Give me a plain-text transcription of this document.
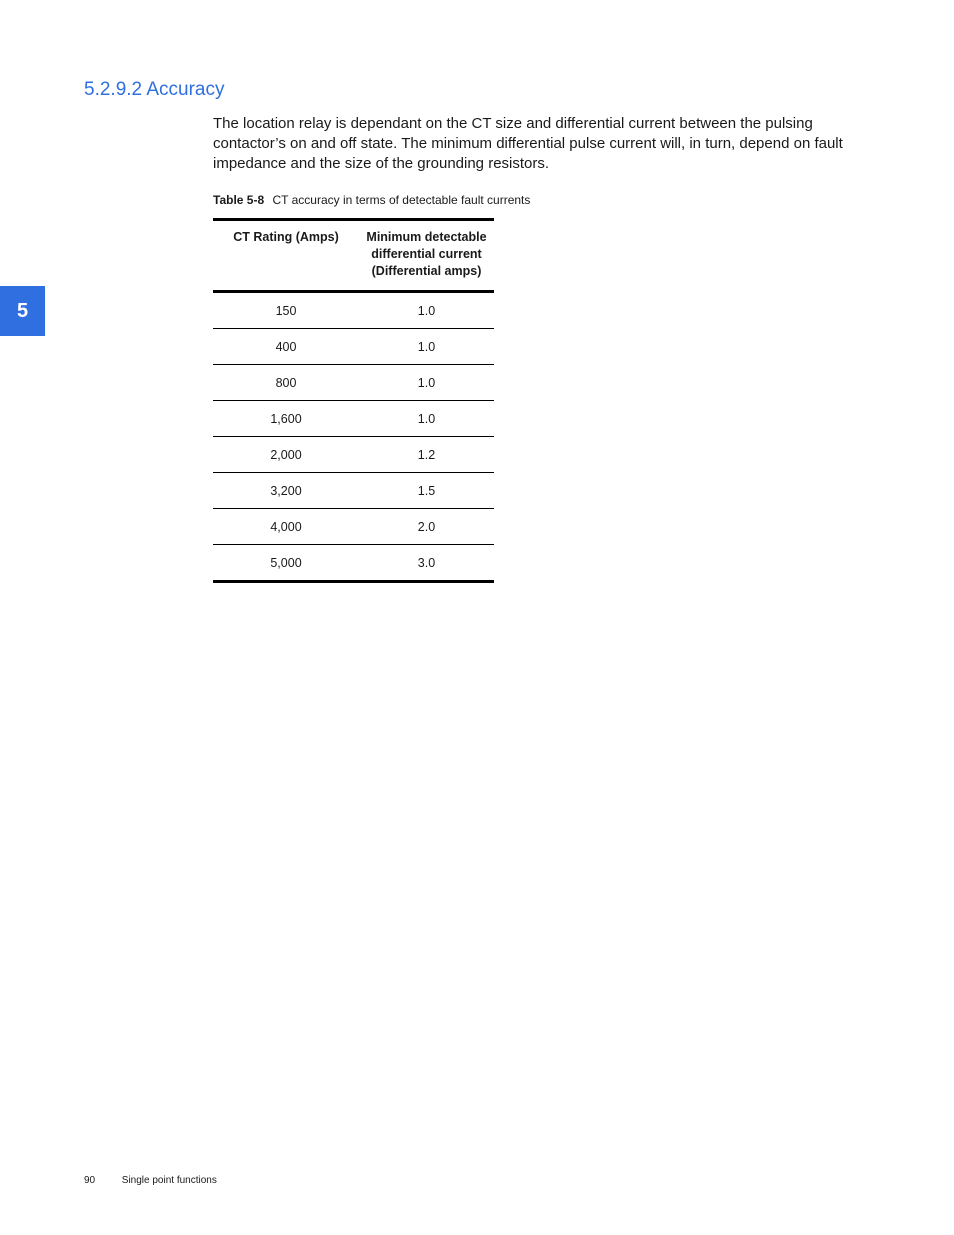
5.2.9.2 Accuracy

The location relay is dependant on the CT size and differential current between the pulsing contactor’s on and off state. The minimum differential pulse current will, in turn, depend on fault impedance and the size of the grounding resistors.

Table 5-8 CT accuracy in terms of detectable fault currents
CT Rating (Amps)	Minimum detectable differential current (Differential amps)
150	1.0
400	1.0
800	1.0
1,600	1.0
2,000	1.2
3,200	1.5
4,000	2.0
5,000	3.0
5
90	Single point functions
